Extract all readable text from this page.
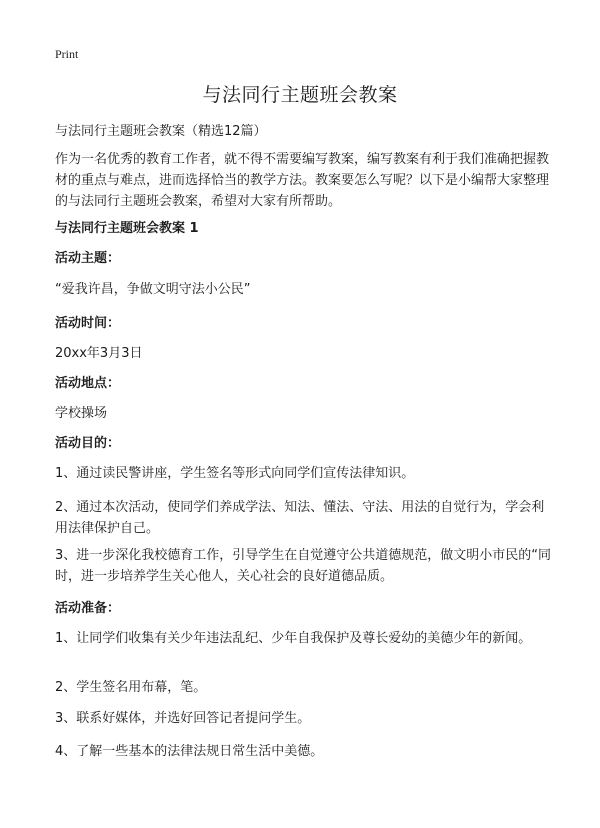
Print
与法同行主题班会教案
与法同行主题班会教案（精选12篇）
作为一名优秀的教育工作者，就不得不需要编写教案，编写教案有利于我们准确把握教材的重点与难点，进而选择恰当的教学方法。教案要怎么写呢？以下是小编帮大家整理的与法同行主题班会教案，希望对大家有所帮助。
与法同行主题班会教案 1
活动主题：
“爱我许昌，争做文明守法小公民”
活动时间：
20xx年3月3日
活动地点：
学校操场
活动目的：
1、通过读民警讲座，学生签名等形式向同学们宣传法律知识。
2、通过本次活动，使同学们养成学法、知法、懂法、守法、用法的自觉行为，学会利用法律保护自己。
3、进一步深化我校德育工作，引导学生在自觉遵守公共道德规范，做文明小市民的“同时，进一步培养学生关心他人，关心社会的良好道德品质。
活动准备：
1、让同学们收集有关少年违法乱纪、少年自我保护及尊长爱幼的美德少年的新闻。
2、学生签名用布幕，笔。
3、联系好媒体，并选好回答记者提问学生。
4、了解一些基本的法律法规日常生活中美德。
